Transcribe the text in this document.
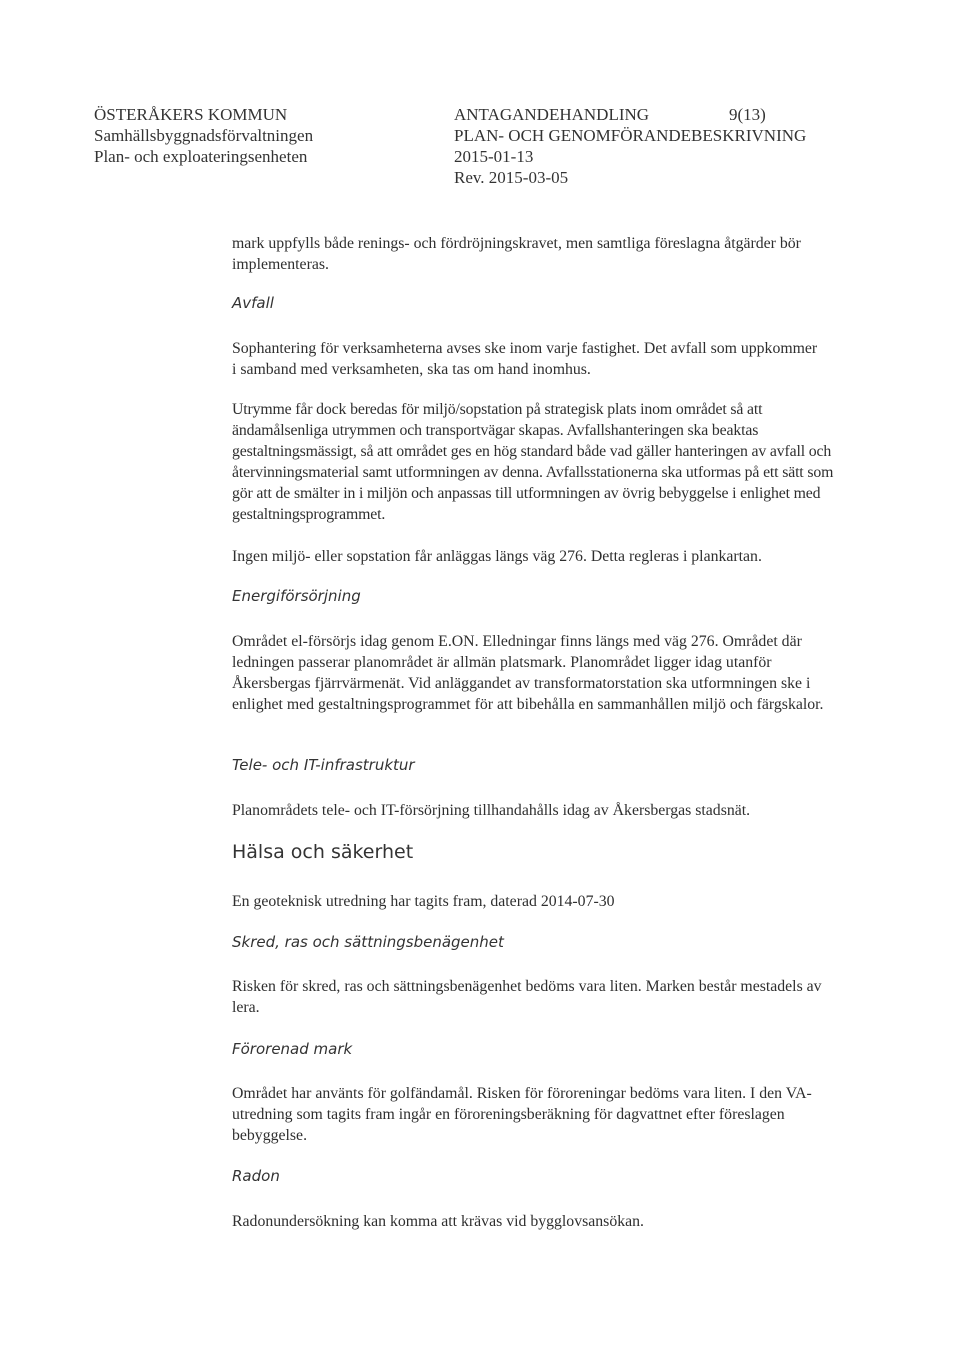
ÖSTERÅKERS KOMMUN
Samhällsbyggnadsförvaltningen
Plan- och exploateringsenheten
ANTAGANDEHANDLING	9(13)
PLAN- OCH GENOMFÖRANDEBESKRIVNING
2015-01-13
Rev. 2015-03-05

mark uppfylls både renings- och fördröjningskravet, men samtliga föreslagna åtgärder bör implementeras.

Avfall

Sophantering för verksamheterna avses ske inom varje fastighet. Det avfall som uppkommer i samband med verksamheten, ska tas om hand inomhus.

Utrymme får dock beredas för miljö/sopstation på strategisk plats inom området så att ändamålsenliga utrymmen och transportvägar skapas. Avfallshanteringen ska beaktas gestaltningsmässigt, så att området ges en hög standard både vad gäller hanteringen av avfall och återvinningsmaterial samt utformningen av denna. Avfallsstationerna ska utformas på ett sätt som gör att de smälter in i miljön och anpassas till utformningen av övrig bebyggelse i enlighet med gestaltningsprogrammet.

Ingen miljö- eller sopstation får anläggas längs väg 276. Detta regleras i plankartan.

Energiförsörjning

Området el-försörjs idag genom E.ON. Elledningar finns längs med väg 276. Området där ledningen passerar planområdet är allmän platsmark. Planområdet ligger idag utanför Åkersbergas fjärrvärmenät. Vid anläggandet av transformatorstation ska utformningen ske i enlighet med gestaltningsprogrammet för att bibehålla en sammanhållen miljö och färgskalor.

Tele- och IT-infrastruktur

Planområdets tele- och IT-försörjning tillhandahålls idag av Åkersbergas stadsnät.

Hälsa och säkerhet

En geoteknisk utredning har tagits fram, daterad 2014-07-30

Skred, ras och sättningsbenägenhet

Risken för skred, ras och sättningsbenägenhet bedöms vara liten. Marken består mestadels av lera.

Förorenad mark

Området har använts för golfändamål. Risken för föroreningar bedöms vara liten. I den VA-utredning som tagits fram ingår en föroreningsberäkning för dagvattnet efter föreslagen bebyggelse.

Radon

Radonundersökning kan komma att krävas vid bygglovsansökan.
